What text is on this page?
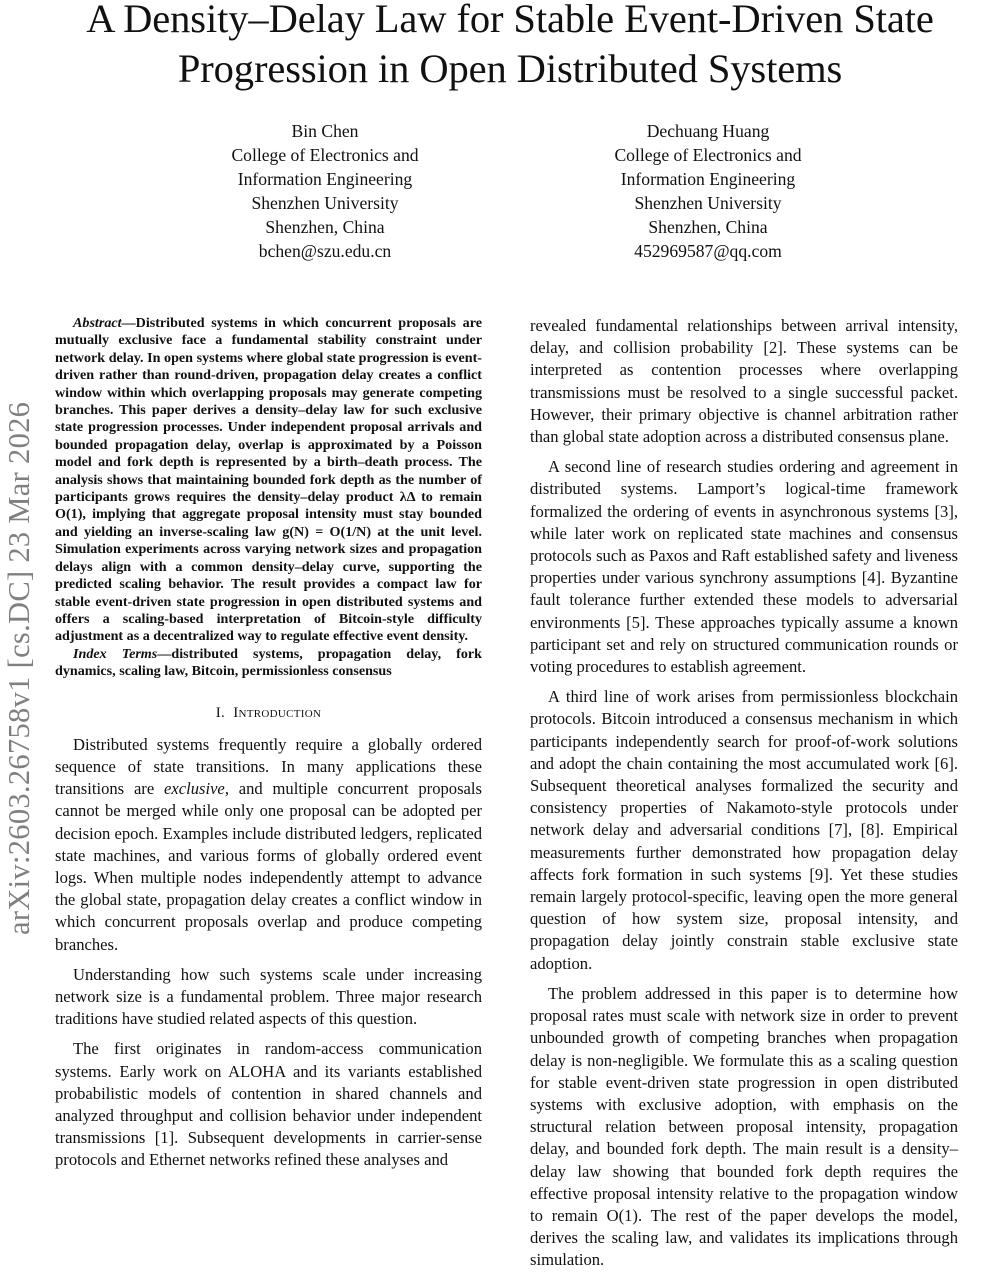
A Density–Delay Law for Stable Event-Driven State Progression in Open Distributed Systems
Bin Chen
College of Electronics and
Information Engineering
Shenzhen University
Shenzhen, China
bchen@szu.edu.cn
Dechuang Huang
College of Electronics and
Information Engineering
Shenzhen University
Shenzhen, China
452969587@qq.com
arXiv:2603.26758v1 [cs.DC] 23 Mar 2026

Abstract—Distributed systems in which concurrent proposals are mutually exclusive face a fundamental stability constraint under network delay. In open systems where global state progression is event-driven rather than round-driven, propagation delay creates a conflict window within which overlapping proposals may generate competing branches. This paper derives a density–delay law for such exclusive state progression processes. Under independent proposal arrivals and bounded propagation delay, overlap is approximated by a Poisson model and fork depth is represented by a birth–death process. The analysis shows that maintaining bounded fork depth as the number of participants grows requires the density–delay product λΔ to remain O(1), implying that aggregate proposal intensity must stay bounded and yielding an inverse-scaling law g(N) = O(1/N) at the unit level. Simulation experiments across varying network sizes and propagation delays align with a common density–delay curve, supporting the predicted scaling behavior. The result provides a compact law for stable event-driven state progression in open distributed systems and offers a scaling-based interpretation of Bitcoin-style difficulty adjustment as a decentralized way to regulate effective event density.

Index Terms—distributed systems, propagation delay, fork dynamics, scaling law, Bitcoin, permissionless consensus

I. Introduction

Distributed systems frequently require a globally ordered sequence of state transitions. In many applications these transitions are exclusive, and multiple concurrent proposals cannot be merged while only one proposal can be adopted per decision epoch. Examples include distributed ledgers, replicated state machines, and various forms of globally ordered event logs. When multiple nodes independently attempt to advance the global state, propagation delay creates a conflict window in which concurrent proposals overlap and produce competing branches.

Understanding how such systems scale under increasing network size is a fundamental problem. Three major research traditions have studied related aspects of this question.

The first originates in random-access communication systems. Early work on ALOHA and its variants established probabilistic models of contention in shared channels and analyzed throughput and collision behavior under independent transmissions [1]. Subsequent developments in carrier-sense protocols and Ethernet networks refined these analyses and

revealed fundamental relationships between arrival intensity, delay, and collision probability [2]. These systems can be interpreted as contention processes where overlapping transmissions must be resolved to a single successful packet. However, their primary objective is channel arbitration rather than global state adoption across a distributed consensus plane.

A second line of research studies ordering and agreement in distributed systems. Lamport’s logical-time framework formalized the ordering of events in asynchronous systems [3], while later work on replicated state machines and consensus protocols such as Paxos and Raft established safety and liveness properties under various synchrony assumptions [4]. Byzantine fault tolerance further extended these models to adversarial environments [5]. These approaches typically assume a known participant set and rely on structured communication rounds or voting procedures to establish agreement.

A third line of work arises from permissionless blockchain protocols. Bitcoin introduced a consensus mechanism in which participants independently search for proof-of-work solutions and adopt the chain containing the most accumulated work [6]. Subsequent theoretical analyses formalized the security and consistency properties of Nakamoto-style protocols under network delay and adversarial conditions [7], [8]. Empirical measurements further demonstrated how propagation delay affects fork formation in such systems [9]. Yet these studies remain largely protocol-specific, leaving open the more general question of how system size, proposal intensity, and propagation delay jointly constrain stable exclusive state adoption.

The problem addressed in this paper is to determine how proposal rates must scale with network size in order to prevent unbounded growth of competing branches when propagation delay is non-negligible. We formulate this as a scaling question for stable event-driven state progression in open distributed systems with exclusive adoption, with emphasis on the structural relation between proposal intensity, propagation delay, and bounded fork depth. The main result is a density–delay law showing that bounded fork depth requires the effective proposal intensity relative to the propagation window to remain O(1). The rest of the paper develops the model, derives the scaling law, and validates its implications through simulation.
